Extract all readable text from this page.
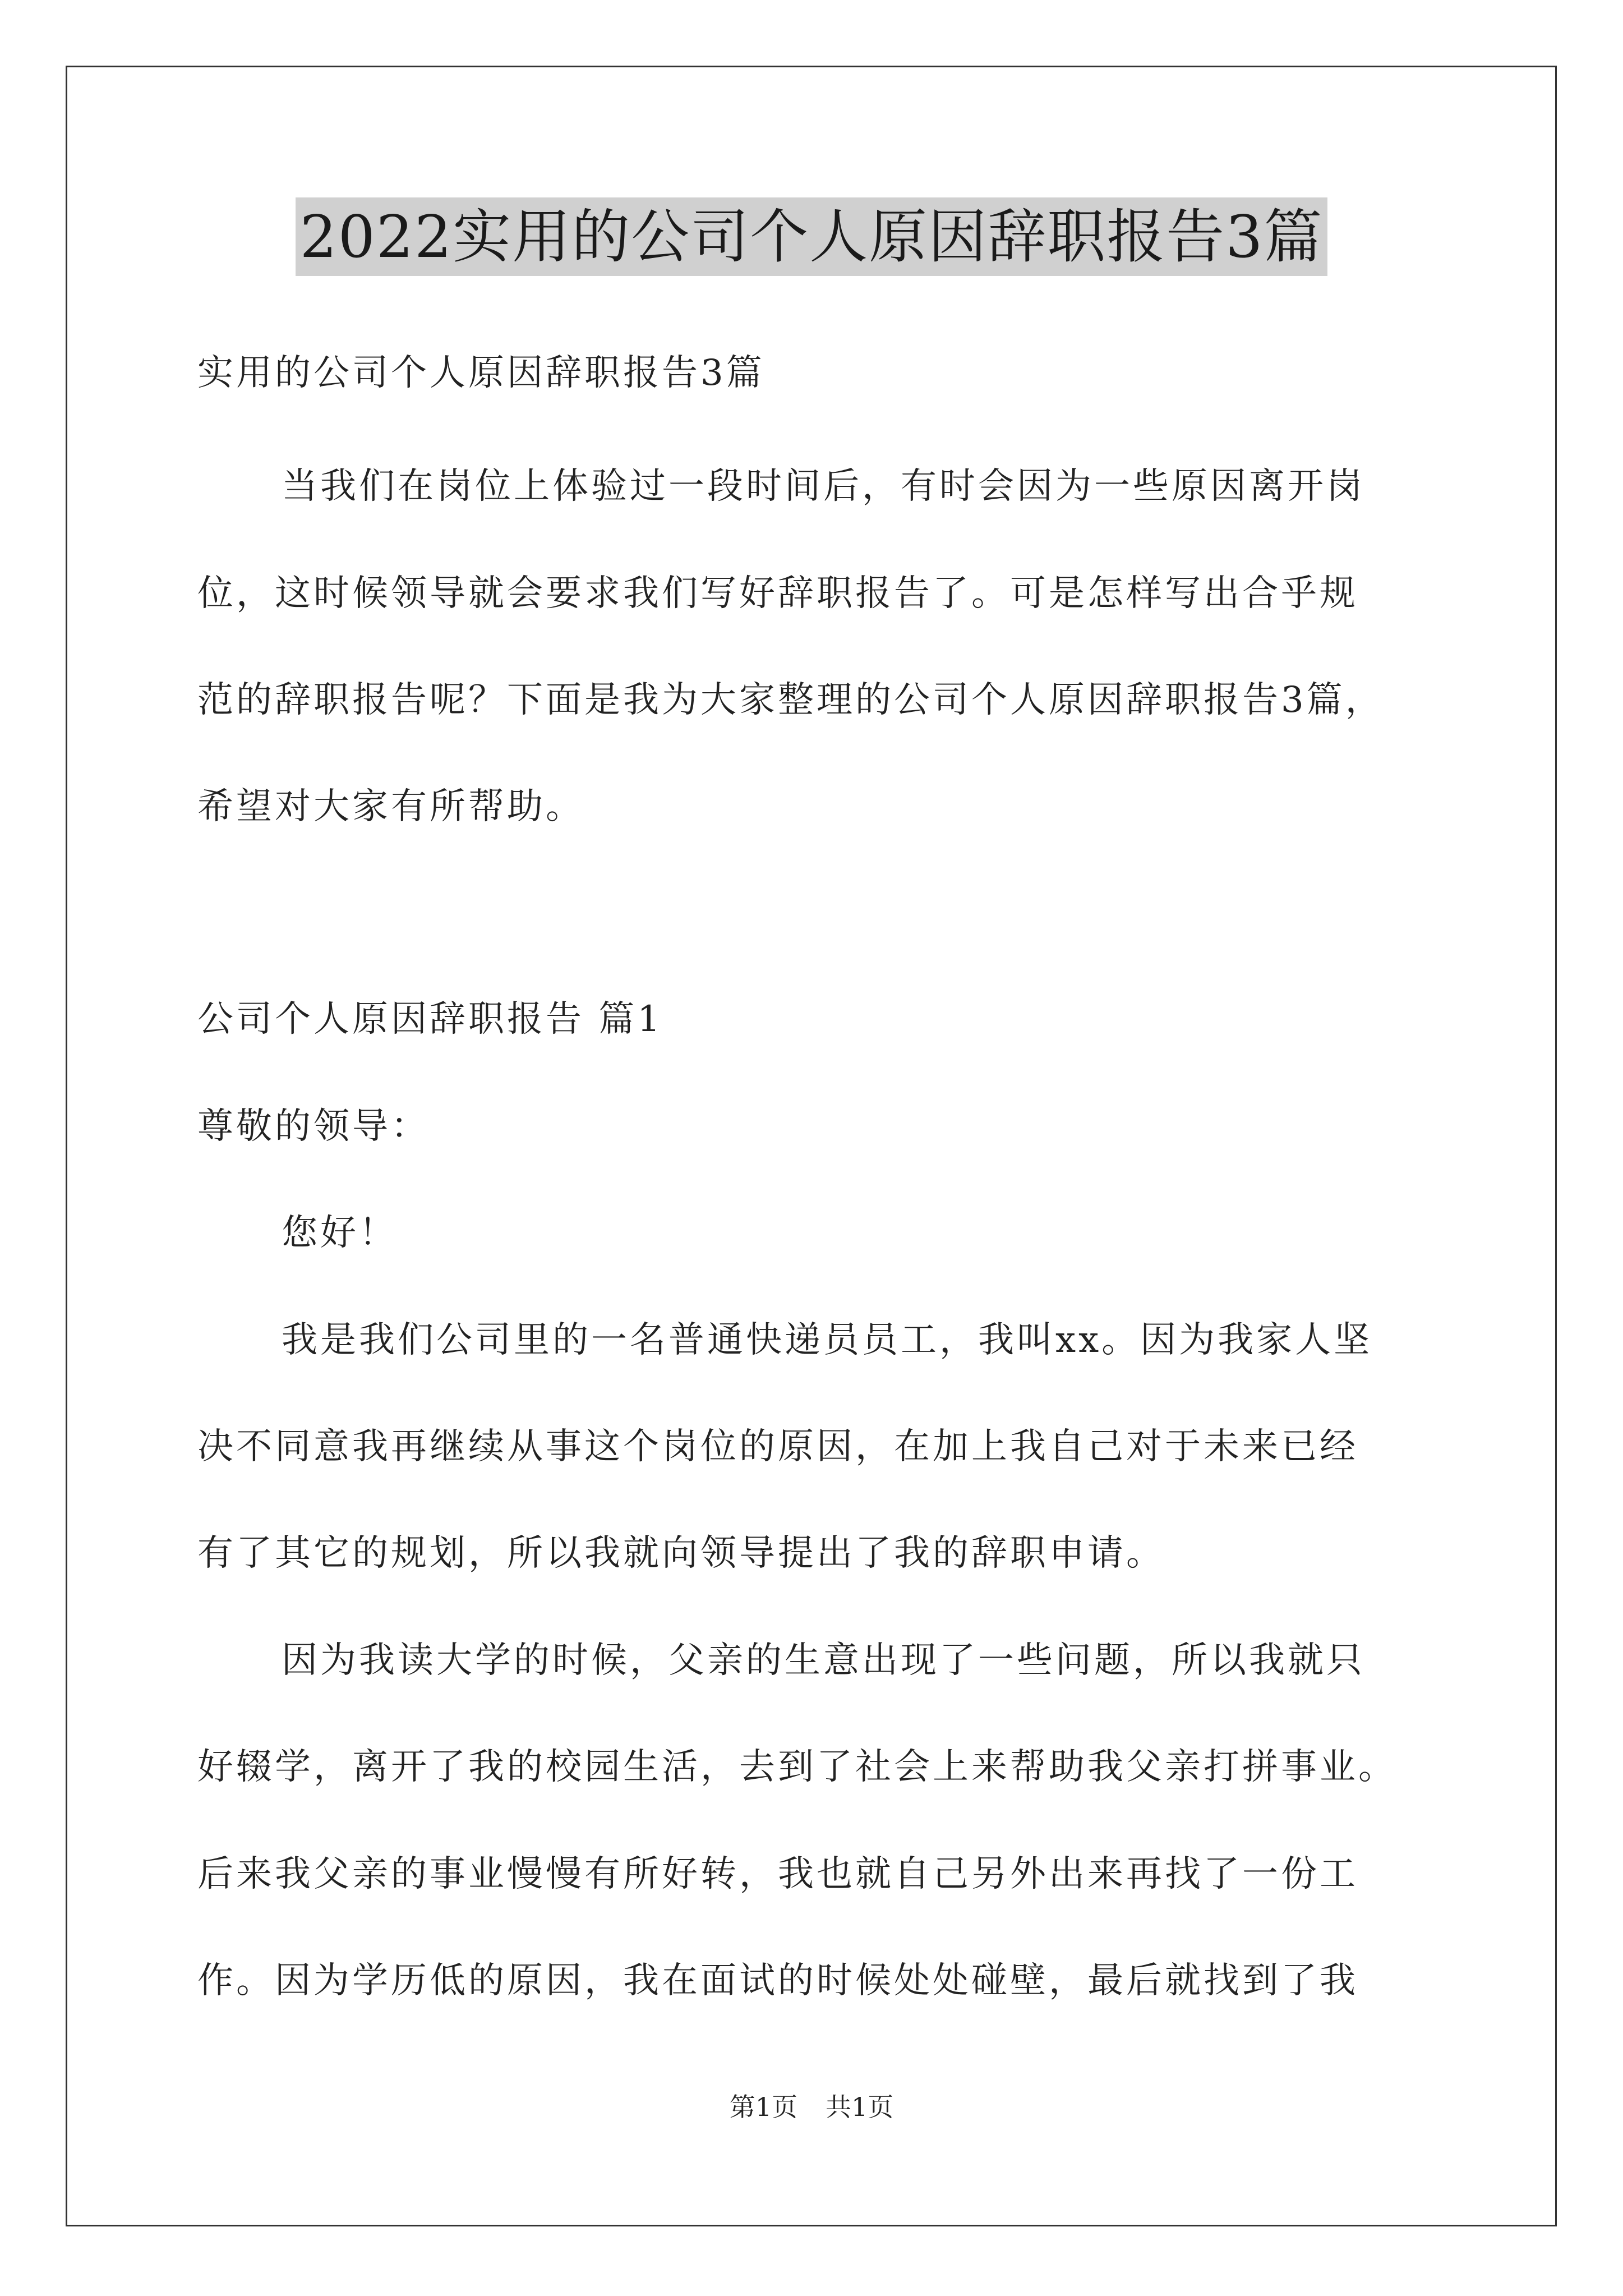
2022实用的公司个人原因辞职报告3篇
实用的公司个人原因辞职报告3篇
当我们在岗位上体验过一段时间后，有时会因为一些原因离开岗
位，这时候领导就会要求我们写好辞职报告了。可是怎样写出合乎规
范的辞职报告呢？下面是我为大家整理的公司个人原因辞职报告3篇，
希望对大家有所帮助。
公司个人原因辞职报告 篇1
尊敬的领导：
您好！
我是我们公司里的一名普通快递员员工，我叫xx。因为我家人坚
决不同意我再继续从事这个岗位的原因，在加上我自己对于未来已经
有了其它的规划，所以我就向领导提出了我的辞职申请。
因为我读大学的时候，父亲的生意出现了一些问题，所以我就只
好辍学，离开了我的校园生活，去到了社会上来帮助我父亲打拼事业。
后来我父亲的事业慢慢有所好转，我也就自己另外出来再找了一份工
作。因为学历低的原因，我在面试的时候处处碰壁，最后就找到了我
第1页 共1页
